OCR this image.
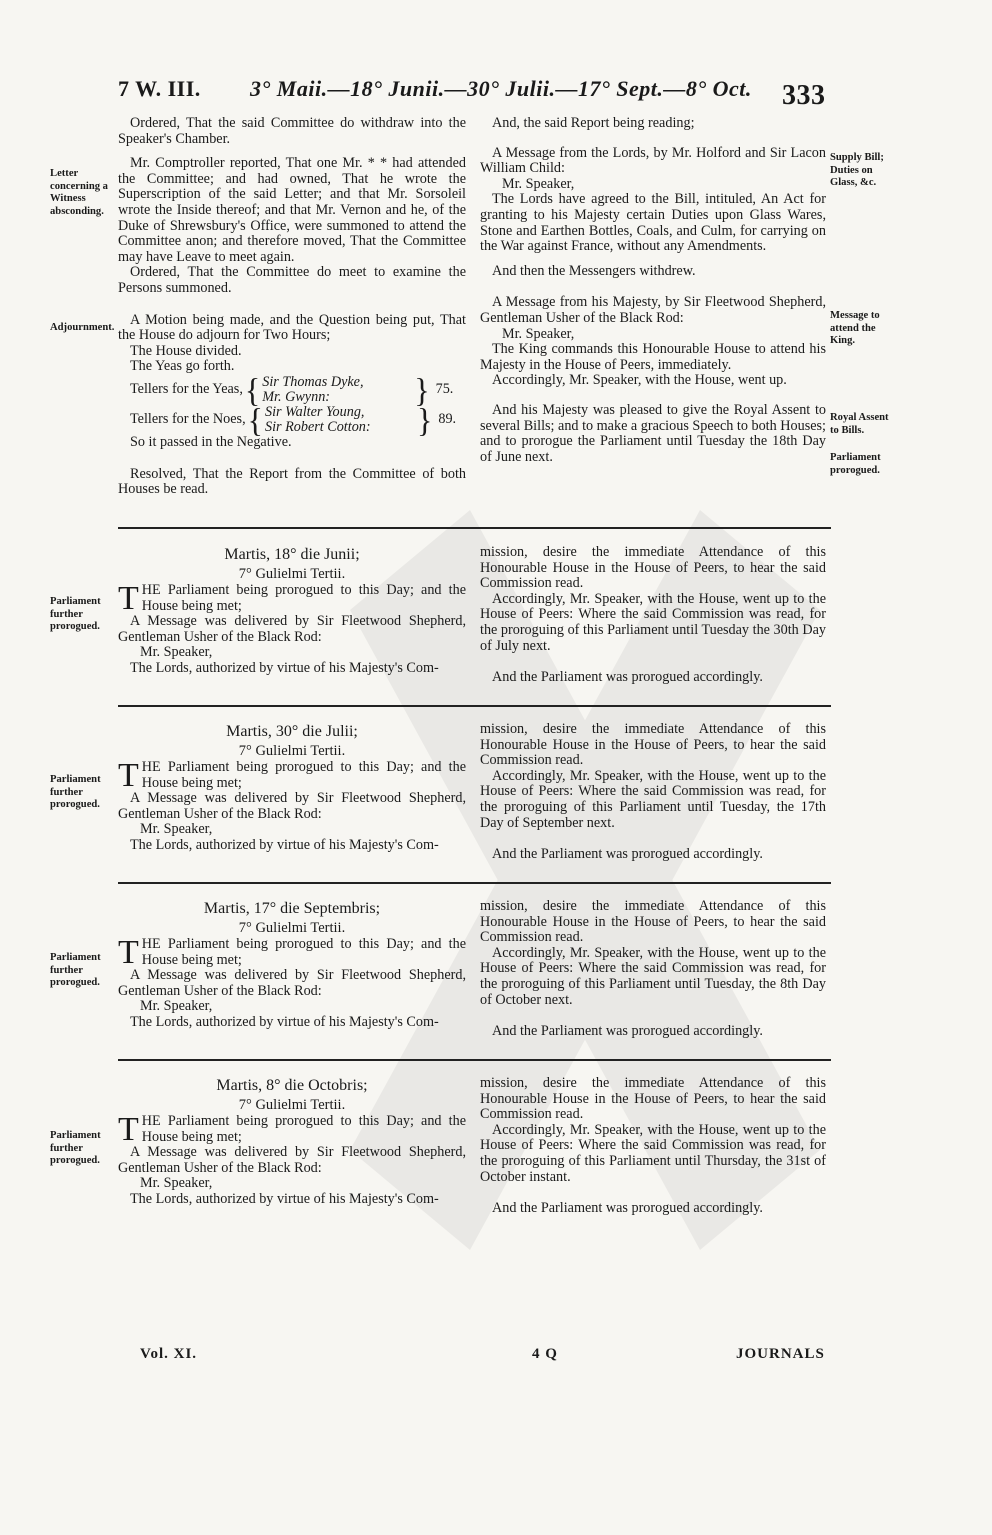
7 W. III. 3° Maii.—18° Junii.—30° Julii.—17° Sept.—8° Oct. 333

Ordered, That the said Committee do withdraw into the Speaker's Chamber.

Mr. Comptroller reported, That one Mr. * * had attended the Committee; and had owned, That he wrote the Superscription of the said Letter; and that Mr. Sorsoleil wrote the Inside thereof; and that Mr. Vernon and he, of the Duke of Shrewsbury's Office, were summoned to attend the Committee anon; and therefore moved, That the Committee may have Leave to meet again.

Ordered, That the Committee do meet to examine the Persons summoned.

A Motion being made, and the Question being put, That the House do adjourn for Two Hours;

The House divided.

The Yeas go forth.

Tellers for the Yeas, { Sir Thomas Dyke,
Mr. Gwynn:	} 75.
Tellers for the Noes, { Sir Walter Young,
Sir Robert Cotton:	} 89.

So it passed in the Negative.

Resolved, That the Report from the Committee of both Houses be read.

And, the said Report being reading;

A Message from the Lords, by Mr. Holford and Sir Lacon William Child:

Mr. Speaker,

The Lords have agreed to the Bill, intituled, An Act for granting to his Majesty certain Duties upon Glass Wares, Stone and Earthen Bottles, Coals, and Culm, for carrying on the War against France, without any Amendments.

And then the Messengers withdrew.

A Message from his Majesty, by Sir Fleetwood Shepherd, Gentleman Usher of the Black Rod:

Mr. Speaker,

The King commands this Honourable House to attend his Majesty in the House of Peers, immediately.

Accordingly, Mr. Speaker, with the House, went up.

And his Majesty was pleased to give the Royal Assent to several Bills; and to make a gracious Speech to both Houses; and to prorogue the Parliament until Tuesday the 18th Day of June next.

Letter concerning a Witness absconding.
Adjournment.
Supply Bill; Duties on Glass, &c.
Message to attend the King.
Royal Assent to Bills.
Parliament prorogued.
Parliament further prorogued.
Martis, 18° die Junii;
7° Gulielmi Tertii.
THE Parliament being prorogued to this Day; and the House being met;

A Message was delivered by Sir Fleetwood Shepherd, Gentleman Usher of the Black Rod:

Mr. Speaker,

The Lords, authorized by virtue of his Majesty's Com-

mission, desire the immediate Attendance of this Honourable House in the House of Peers, to hear the said Commission read.

Accordingly, Mr. Speaker, with the House, went up to the House of Peers: Where the said Commission was read, for the proroguing of this Parliament until Tuesday the 30th Day of July next.

And the Parliament was prorogued accordingly.

Parliament further prorogued.
Martis, 30° die Julii;
7° Gulielmi Tertii.
THE Parliament being prorogued to this Day; and the House being met;

A Message was delivered by Sir Fleetwood Shepherd, Gentleman Usher of the Black Rod:

Mr. Speaker,

The Lords, authorized by virtue of his Majesty's Com-

mission, desire the immediate Attendance of this Honourable House in the House of Peers, to hear the said Commission read.

Accordingly, Mr. Speaker, with the House, went up to the House of Peers: Where the said Commission was read, for the proroguing of this Parliament until Tuesday, the 17th Day of September next.

And the Parliament was prorogued accordingly.

Parliament further prorogued.
Martis, 17° die Septembris;
7° Gulielmi Tertii.
THE Parliament being prorogued to this Day; and the House being met;

A Message was delivered by Sir Fleetwood Shepherd, Gentleman Usher of the Black Rod:

Mr. Speaker,

The Lords, authorized by virtue of his Majesty's Com-

mission, desire the immediate Attendance of this Honourable House in the House of Peers, to hear the said Commission read.

Accordingly, Mr. Speaker, with the House, went up to the House of Peers: Where the said Commission was read, for the proroguing of this Parliament until Tuesday, the 8th Day of October next.

And the Parliament was prorogued accordingly.

Parliament further prorogued.
Martis, 8° die Octobris;
7° Gulielmi Tertii.
THE Parliament being prorogued to this Day; and the House being met;

A Message was delivered by Sir Fleetwood Shepherd, Gentleman Usher of the Black Rod:

Mr. Speaker,

The Lords, authorized by virtue of his Majesty's Com-

mission, desire the immediate Attendance of this Honourable House in the House of Peers, to hear the said Commission read.

Accordingly, Mr. Speaker, with the House, went up to the House of Peers: Where the said Commission was read, for the proroguing of this Parliament until Thursday, the 31st of October instant.

And the Parliament was prorogued accordingly.

Vol. XI.	4 Q	JOURNALS
